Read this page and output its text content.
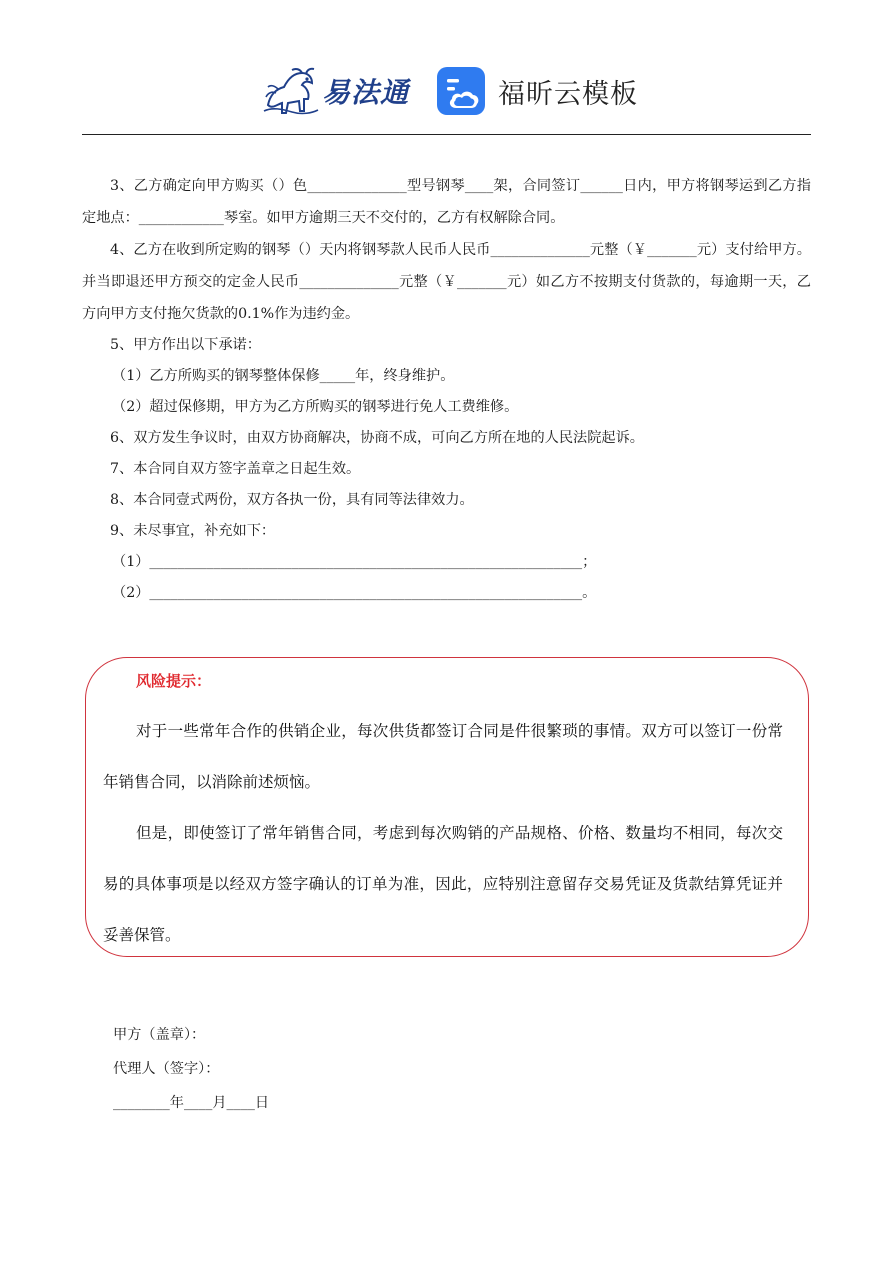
易法通	福昕云模板

3、乙方确定向甲方购买（）色______________型号钢琴____架，合同签订______日内，甲方将钢琴运到乙方指定地点：____________琴室。如甲方逾期三天不交付的，乙方有权解除合同。

4、乙方在收到所定购的钢琴（）天内将钢琴款人民币人民币______________元整（￥_______元）支付给甲方。并当即退还甲方预交的定金人民币______________元整（￥_______元）如乙方不按期支付货款的，每逾期一天，乙方向甲方支付拖欠货款的0.1%作为违约金。

5、甲方作出以下承诺：

（1）乙方所购买的钢琴整体保修_____年，终身维护。

（2）超过保修期，甲方为乙方所购买的钢琴进行免人工费维修。

6、双方发生争议时，由双方协商解决，协商不成，可向乙方所在地的人民法院起诉。

7、本合同自双方签字盖章之日起生效。

8、本合同壹式两份，双方各执一份，具有同等法律效力。

9、未尽事宜，补充如下：

（1）_____________________________________________________________；

（2）_____________________________________________________________。

风险提示：

对于一些常年合作的供销企业，每次供货都签订合同是件很繁琐的事情。双方可以签订一份常年销售合同，以消除前述烦恼。

但是，即使签订了常年销售合同，考虑到每次购销的产品规格、价格、数量均不相同，每次交易的具体事项是以经双方签字确认的订单为准，因此，应特别注意留存交易凭证及货款结算凭证并妥善保管。

甲方（盖章）：
代理人（签字）：
________年____月____日
